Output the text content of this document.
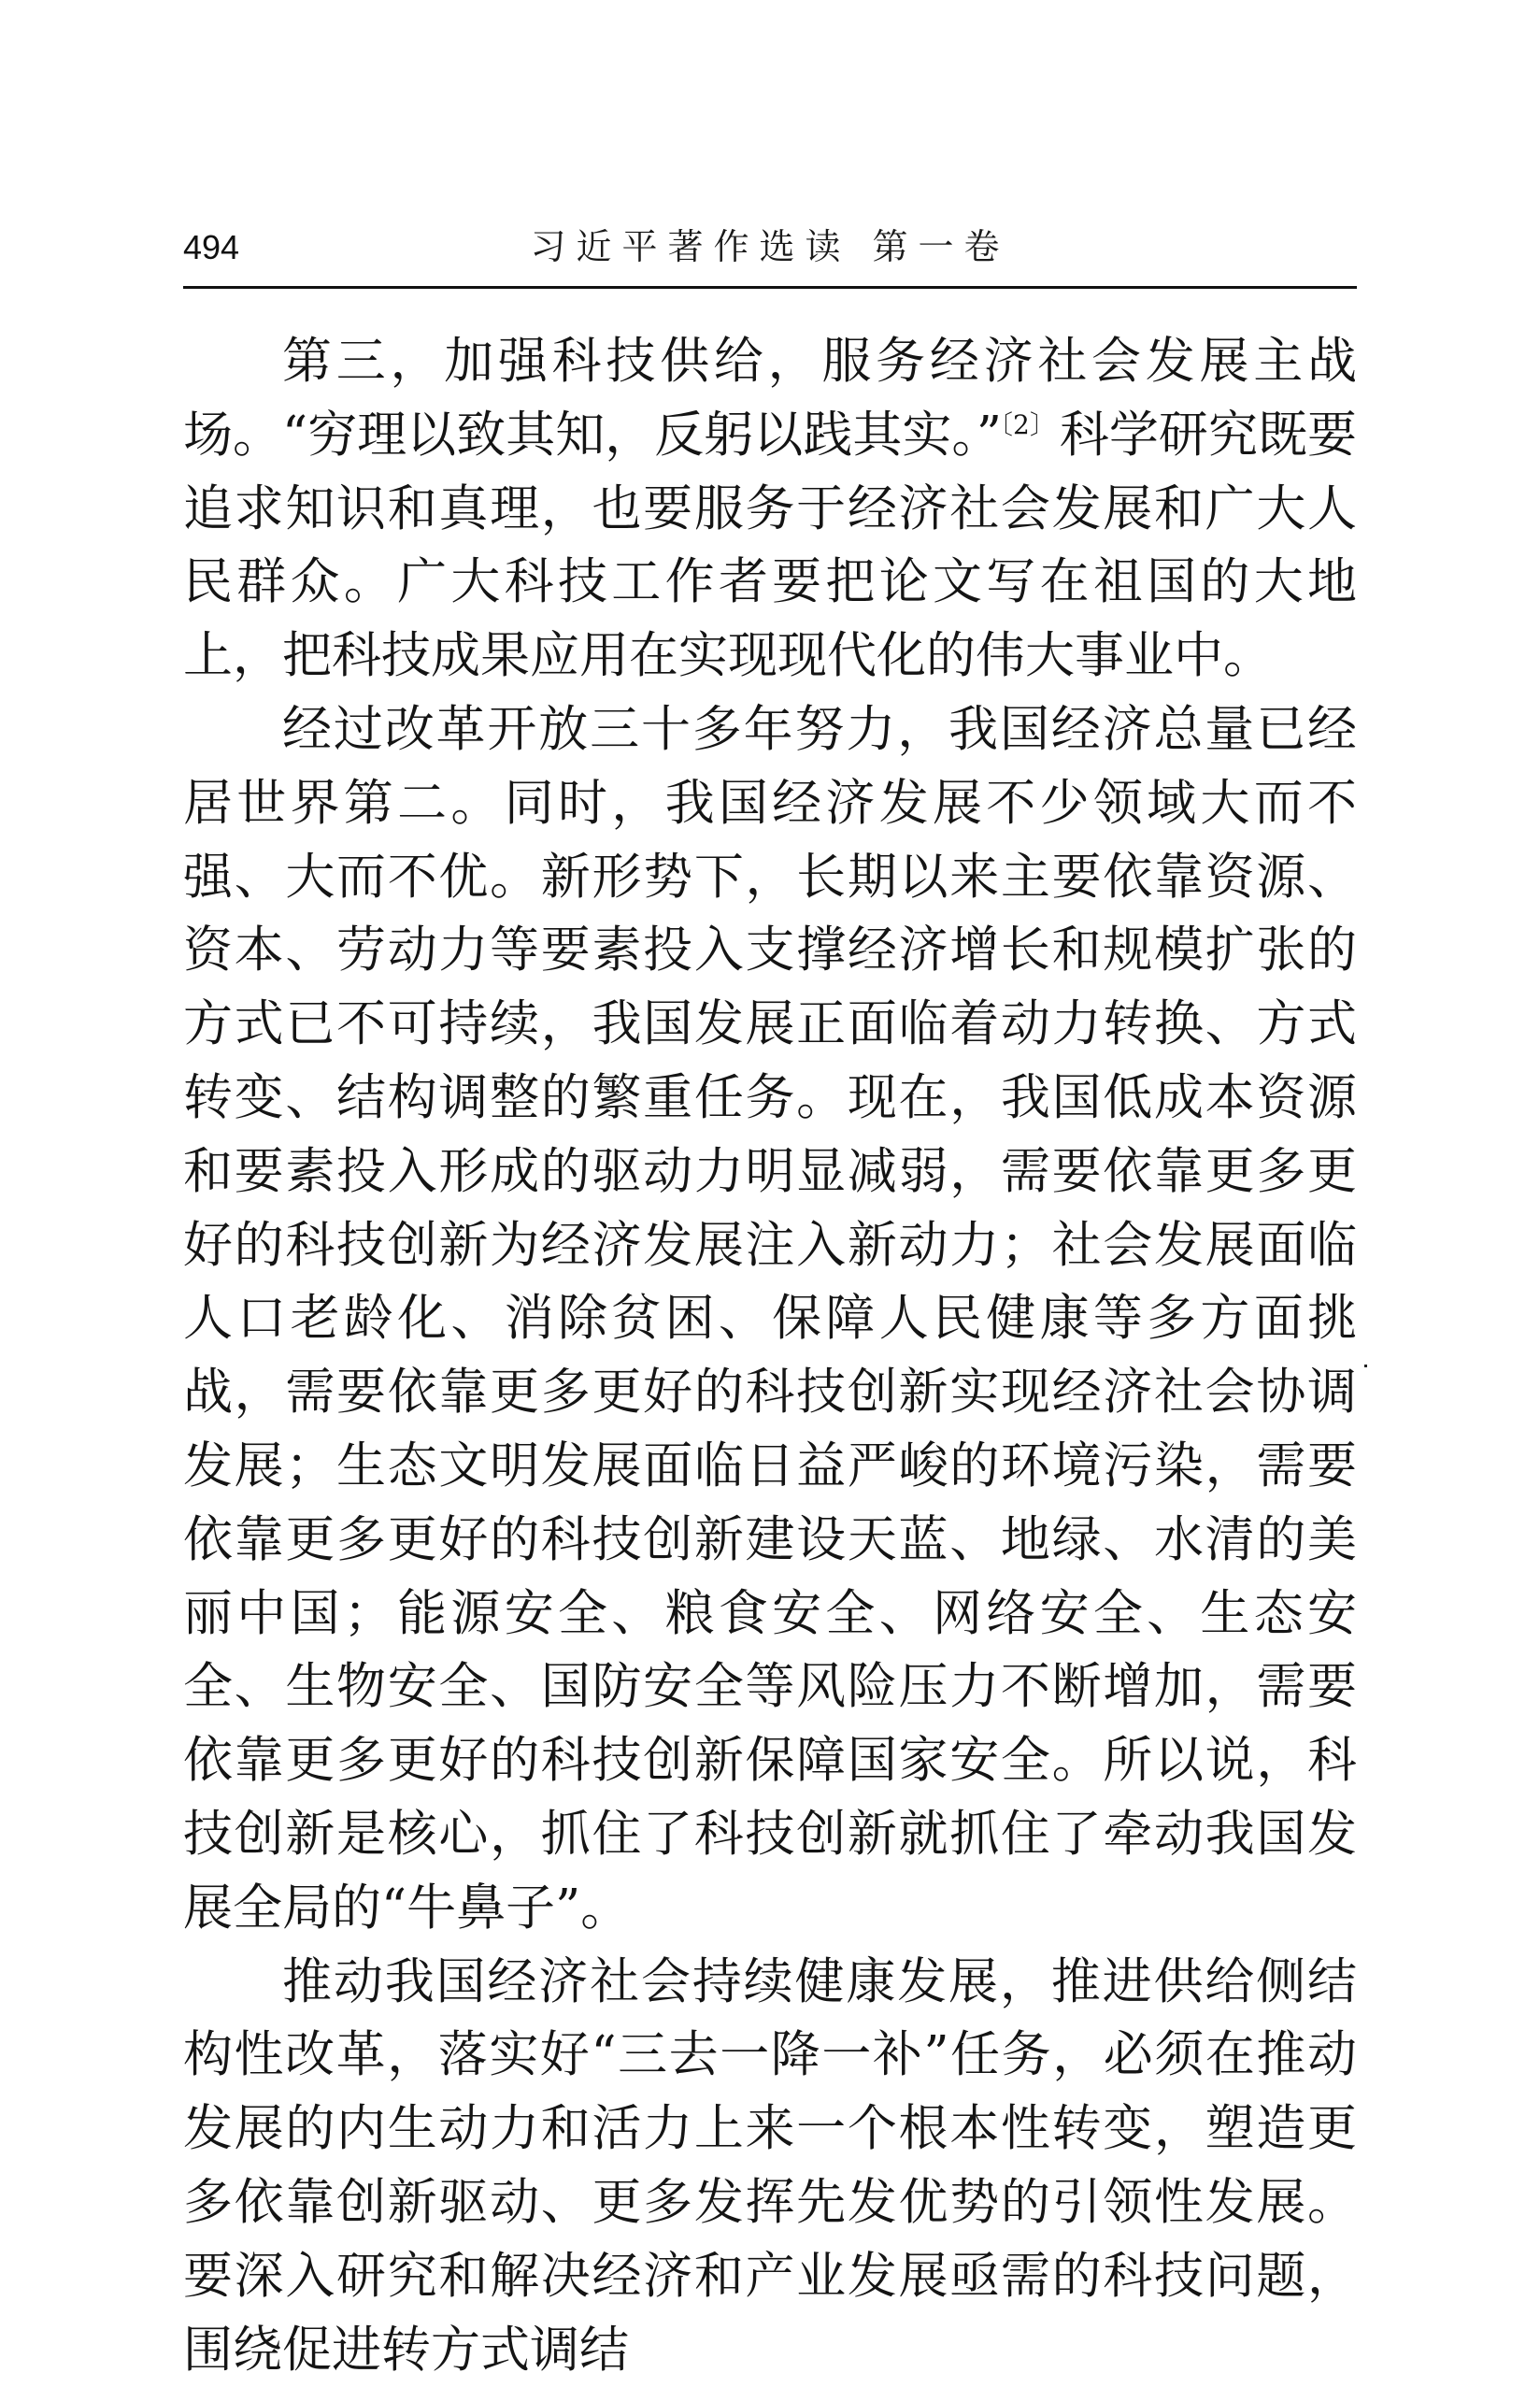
494	习近平著作选读 第一卷

第三，加强科技供给，服务经济社会发展主战场。“穷理以致其知，反躬以践其实。”$^{〔2〕}$科学研究既要追求知识和真理，也要服务于经济社会发展和广大人民群众。广大科技工作者要把论文写在祖国的大地上，把科技成果应用在实现现代化的伟大事业中。

经过改革开放三十多年努力，我国经济总量已经居世界第二。同时，我国经济发展不少领域大而不强、大而不优。新形势下，长期以来主要依靠资源、资本、劳动力等要素投入支撑经济增长和规模扩张的方式已不可持续，我国发展正面临着动力转换、方式转变、结构调整的繁重任务。现在，我国低成本资源和要素投入形成的驱动力明显减弱，需要依靠更多更好的科技创新为经济发展注入新动力；社会发展面临人口老龄化、消除贫困、保障人民健康等多方面挑战，需要依靠更多更好的科技创新实现经济社会协调发展；生态文明发展面临日益严峻的环境污染，需要依靠更多更好的科技创新建设天蓝、地绿、水清的美丽中国；能源安全、粮食安全、网络安全、生态安全、生物安全、国防安全等风险压力不断增加，需要依靠更多更好的科技创新保障国家安全。所以说，科技创新是核心，抓住了科技创新就抓住了牵动我国发展全局的“牛鼻子”。

推动我国经济社会持续健康发展，推进供给侧结构性改革，落实好“三去一降一补”任务，必须在推动发展的内生动力和活力上来一个根本性转变，塑造更多依靠创新驱动、更多发挥先发优势的引领性发展。要深入研究和解决经济和产业发展亟需的科技问题，围绕促进转方式调结
